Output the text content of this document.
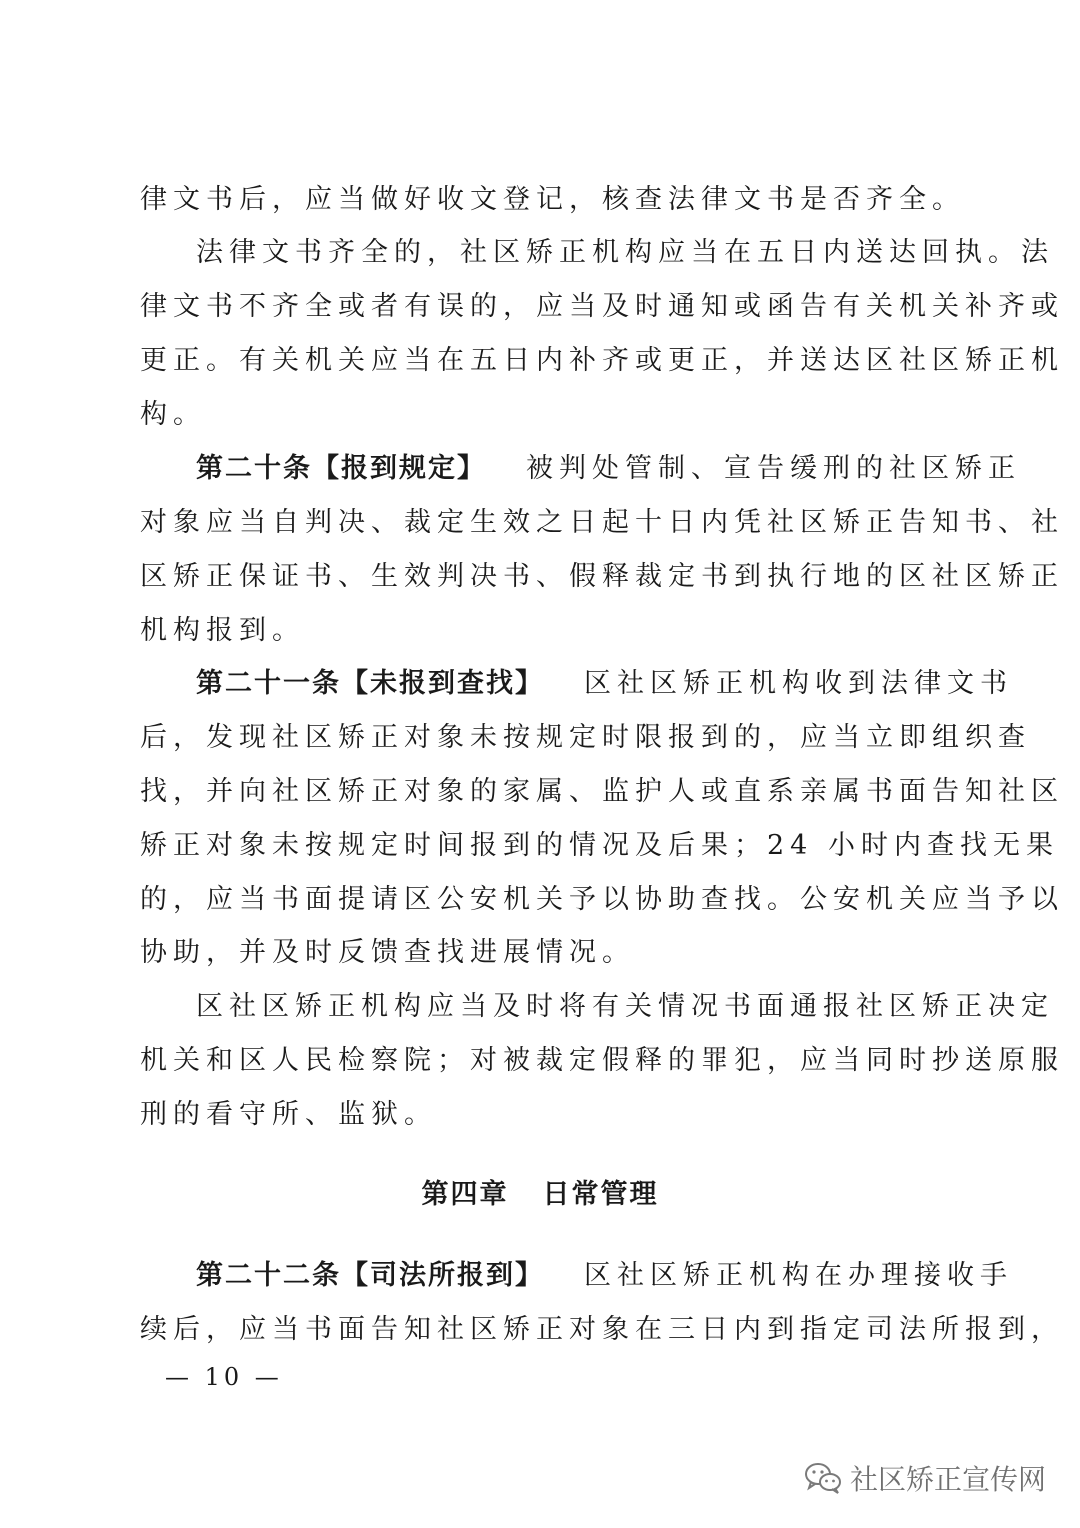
律文书后，应当做好收文登记，核查法律文书是否齐全。
法律文书齐全的，社区矫正机构应当在五日内送达回执。法
律文书不齐全或者有误的，应当及时通知或函告有关机关补齐或
更正。有关机关应当在五日内补齐或更正，并送达区社区矫正机
构。
第二十条【报到规定】 被判处管制、宣告缓刑的社区矫正
对象应当自判决、裁定生效之日起十日内凭社区矫正告知书、社
区矫正保证书、生效判决书、假释裁定书到执行地的区社区矫正
机构报到。
第二十一条【未报到查找】 区社区矫正机构收到法律文书
后，发现社区矫正对象未按规定时限报到的，应当立即组织查
找，并向社区矫正对象的家属、监护人或直系亲属书面告知社区
矫正对象未按规定时间报到的情况及后果；24 小时内查找无果
的，应当书面提请区公安机关予以协助查找。公安机关应当予以
协助，并及时反馈查找进展情况。
区社区矫正机构应当及时将有关情况书面通报社区矫正决定
机关和区人民检察院；对被裁定假释的罪犯，应当同时抄送原服
刑的看守所、监狱。
第四章 日常管理
第二十二条【司法所报到】 区社区矫正机构在办理接收手
续后，应当书面告知社区矫正对象在三日内到指定司法所报到，
— 10 —
社区矫正宣传网
